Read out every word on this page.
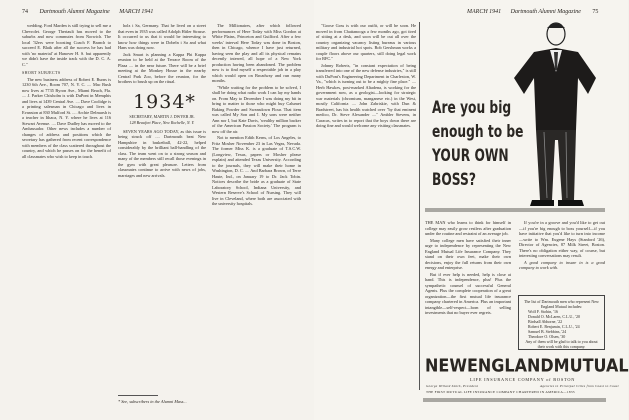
74 Dartmouth Alumni Magazine MARCH 1941

wedding. Ford Marden is still trying to sell me a Chevrolet. George Theriault has moved to the suburbs and now commutes from Norwich. The local '32ers were boosting Coach F. Branch to succeed E. Blaik after all the success he has had with 'no material' at Hanover H. S. but apparently we didn't have the inside track with the D. C. A. C."

SHORT SUBJECTS

The new business address of Robert E. Burns is 1230 6th Ave., Room 707, N. Y. C. .... Mac Bush now lives at 7735 Byron Ave., Miami Beach, Fla. .... J. Parker Chisholm is with DuPont in Memphis and lives at 1439 Central Ave. .... Dave Coolidge is a printing salesman in Chicago and lives in Evanston at 830 Mulford St. .... Archie Delmarsh is a teacher in Ithaca, N. Y. where he lives at 116 Stewart Avenue. .... Dave Dudley has moved to the Ambassador. Other news includes a number of changes of address and positions which the secretary has gathered from recent correspondence with members of the class scattered throughout the country, and which he passes on for the benefit of all classmates who wish to keep in touch.

holz i Sa, Germany. That he lived on a street that even in 1935 was called Adolph Hitler Strasse. It occurred to us that it would be interesting to know how things were in Dobeln i Sa and what Hans was doing now.

Jack Smart is planning a Kappa Phi Kappa reunion to be held at the Terrace Room of the Plaza .... in the near future. There will be a brief meeting at the Monkey House in the nearby Central Park Zoo, before the reunion, for the brothers to brush up on the ritual.

1934*

SECRETARY, MARTIN J. DWYER JR.

128 Beaufort Place, New Rochelle, N. Y.

SEVEN YEARS AGO TODAY, as this issue is being struck off .... Dartmouth beat New Hampshire in basketball, 42-22, helped considerably by the brilliant ball-handling of the class. The team went on to a strong season and many of the members still recall those evenings in the gym with great pleasure. Letters from classmates continue to arrive with news of jobs, marriages and new arrivals.

* See, subscribers in the Alumni Mass...

The Millionaires, after which followed performances of Here Today with Miss Gordon at White Plains, Princeton and Guilford. After a few weeks' interval Here Today was done in Boston, then in Chicago, whence I have just returned, having seen the play and all its physical remains decently interred, all hope of a New York production having been abandoned. The problem now is to find myself a respectable job in a play which would open on Broadway and run many months.

"While waiting for the problem to be solved, I shall be doing what radio work I can lay my hands on. From May to December I was doing my bit in bring to matter to those who might buy Calumet Baking Powder and Swansdown Flour. That item was called My Son and I. My sons were neither Ann nor I, but Kate Davis, 'wealthy million backer of the American Passion Society.' The program is now off the air.

Not to mention Edith Kerns, of Los Angeles, to Fritz Mosher November 23 in Las Vegas, Nevada. The former Miss K. is a graduate of T.S.C.W. (Longview, Texas, papers or Mosher please explain) and attended Texas University. According to the journals, they will make their home in Washington, D. C. .... And Barbara Brown, of Terre Haute, Ind., on January 19 to Dr. Jack Tobin. Notices describe the bride as a graduate of State Laboratory School, Indiana University, and Western Reserve's School of Nursing. They will live in Cleveland, where both are associated with the university hospitals.

MARCH 1941 Dartmouth Alumni Magazine 75

"Goose Goss is with our outfit, or will be soon. He moved in from Chattanooga a few months ago, got tired of sitting at a desk, and soon will be out all over the country organizing vacancy listing bureaus in various military and industrial hot spots. Bob Gershman works a couple floors above our quarters, still doing legal work for RFC."

Johnny Roberts, "in constant expectation of being transferred into one of the new defense industries," is still with DuPont's Engineering Department in Charleston, W. Va., "which is turning out to be a mighty fine place." .... Herb Hawkes, post-marked Altadena, is working for the government now, as a geologist—looking for strategic war materials (chromium, manganese etc.) in the West, mostly California .... John Zabriskie, with Dun & Bradstreet, has his health watched over "by that eminent medico, Dr. Steve Alexander ...." Ambler Stevens, in Caracas, writes in to report that the boys down there are doing fine and would welcome any visiting classmates.

Are you big
enough to be
YOUR OWN
BOSS?

THE MAN who learns to think for himself in college may easily grow restless after graduation under the routine and restraint of an average job.

Many college men have satisfied their inner urge to independence by representing the New England Mutual Life Insurance Company. They stand on their own feet, make their own decisions, enjoy the full returns from their own energy and enterprise.

But if ever help is needed, help is close at hand. This is independence, plus! Plus the sympathetic counsel of successful General Agents. Plus the complete cooperation of a great organization—the first mutual life insurance company chartered in America. Plus an important intangible—self-respect—born of selling investments that no buyer ever regrets.

If you're in a groove and you'd like to get out—if you're big enough to boss yourself—if you have initiative that you'd like to turn into income—write to Wm. Eugene Hays (Stanford '26), Director of Agencies, 87 Milk Street, Boston. There's no obligation either way, of course, but interesting conversations may result.

A good company to insure in is a good company to work with.

The list of Dartmouth men who represent New England Mutual includes:
Wolf F. Stobin, '16
Donald O. McLaren, C.L.U., '20
Birdsall Abhorne, '22
Robert E. Benjamin, C.L.U., '24
Samuel B. Stebbins, '24
Theodore O. Olsen, '30
Any of them will be glad to talk to you about their work with this company.
NEW ENGLAND MUTUAL
LIFE INSURANCE COMPANY of BOSTON
George Willard Smith, President	Agencies in Principal Cities from Coast to Coast
THE FIRST MUTUAL LIFE INSURANCE COMPANY CHARTERED IN AMERICA—1835
